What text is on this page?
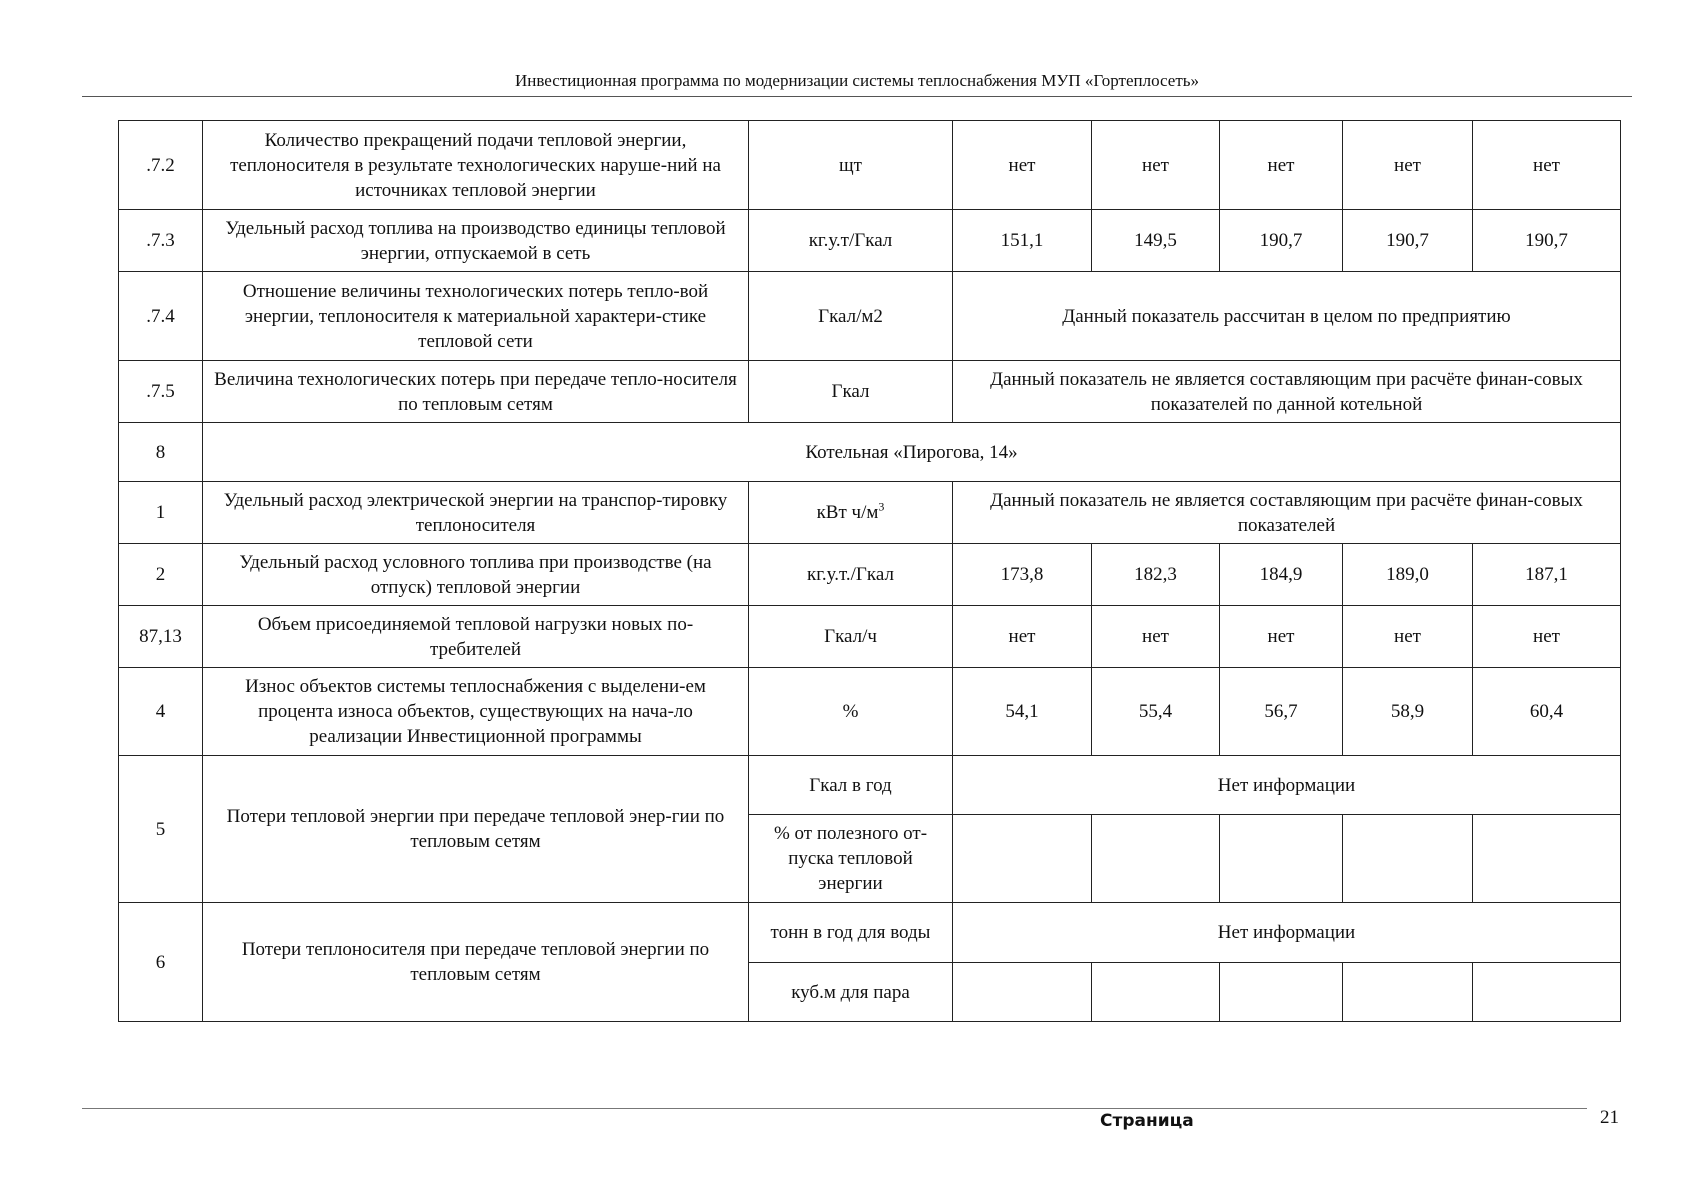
Инвестиционная программа по модернизации системы теплоснабжения МУП «Гортеплосеть»
.7.2	Количество прекращений подачи тепловой энергии, теплоносителя в результате технологических наруше-ний на источниках тепловой энергии	щт	нет	нет	нет	нет	нет
.7.3	Удельный расход топлива на производство единицы тепловой энергии, отпускаемой в сеть	кг.у.т/Гкал	151,1	149,5	190,7	190,7	190,7
.7.4	Отношение величины технологических потерь тепло-вой энергии, теплоносителя к материальной характери-стике тепловой сети	Гкал/м2	Данный показатель рассчитан в целом по предприятию				
.7.5	Величина технологических потерь при передаче тепло-носителя по тепловым сетям	Гкал	Данный показатель не является составляющим при расчёте финан-совых показателей по данной котельной				
8	Котельная «Пирогова, 14»						
1	Удельный расход электрической энергии на транспор-тировку теплоносителя	кВт $ч/м^3$	Данный показатель не является составляющим при расчёте финан-совых показателей				
2	Удельный расход условного топлива при производстве (на отпуск) тепловой энергии	кг.у.т./Гкал	173,8	182,3	184,9	189,0	187,1
87,13	Объем присоединяемой тепловой нагрузки новых по-требителей	Гкал/ч	нет	нет	нет	нет	нет
4	Износ объектов системы теплоснабжения с выделени-ем процента износа объектов, существующих на нача-ло реализации Инвестиционной программы	%	54,1	55,4	56,7	58,9	60,4
5	Потери тепловой энергии при передаче тепловой энер-гии по тепловым сетям	Гкал в год	Нет информации				
		% от полезного от-пуска тепловой энергии					
6	Потери теплоносителя при передаче тепловой энергии по тепловым сетям	тонн в год для воды	Нет информации				
		куб.м для пара					
Страница	21
